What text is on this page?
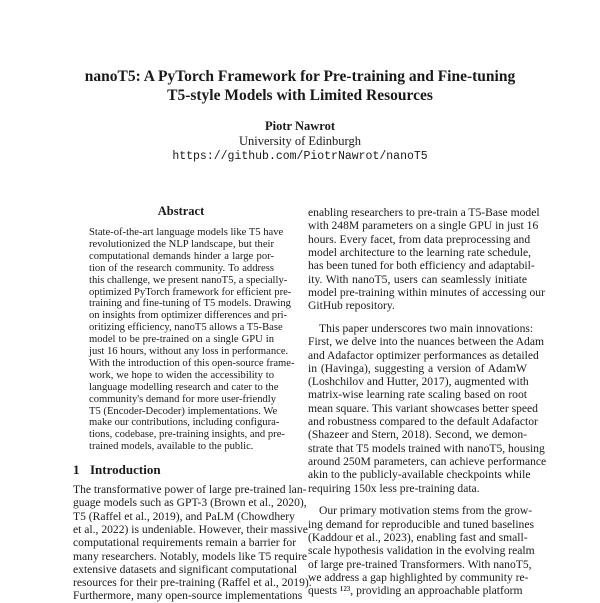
nanoT5: A PyTorch Framework for Pre-training and Fine-tuning
T5-style Models with Limited Resources
Piotr Nawrot
University of Edinburgh
https://github.com/PiotrNawrot/nanoT5
Abstract
State-of-the-art language models like T5 have
revolutionized the NLP landscape, but their
computational demands hinder a large por-
tion of the research community. To address
this challenge, we present nanoT5, a specially-
optimized PyTorch framework for efficient pre-
training and fine-tuning of T5 models. Drawing
on insights from optimizer differences and pri-
oritizing efficiency, nanoT5 allows a T5-Base
model to be pre-trained on a single GPU in
just 16 hours, without any loss in performance.
With the introduction of this open-source frame-
work, we hope to widen the accessibility to
language modelling research and cater to the
community's demand for more user-friendly
T5 (Encoder-Decoder) implementations. We
make our contributions, including configura-
tions, codebase, pre-training insights, and pre-
trained models, available to the public.
1 Introduction
The transformative power of large pre-trained lan-
guage models such as GPT-3 (Brown et al., 2020),
T5 (Raffel et al., 2019), and PaLM (Chowdhery
et al., 2022) is undeniable. However, their massive
computational requirements remain a barrier for
many researchers. Notably, models like T5 require
extensive datasets and significant computational
resources for their pre-training (Raffel et al., 2019).
Furthermore, many open-source implementations
enabling researchers to pre-train a T5-Base model
with 248M parameters on a single GPU in just 16
hours. Every facet, from data preprocessing and
model architecture to the learning rate schedule,
has been tuned for both efficiency and adaptabil-
ity. With nanoT5, users can seamlessly initiate
model pre-training within minutes of accessing our
GitHub repository.
This paper underscores two main innovations:
First, we delve into the nuances between the Adam
and Adafactor optimizer performances as detailed
in (Havinga), suggesting a version of AdamW
(Loshchilov and Hutter, 2017), augmented with
matrix-wise learning rate scaling based on root
mean square. This variant showcases better speed
and robustness compared to the default Adafactor
(Shazeer and Stern, 2018). Second, we demon-
strate that T5 models trained with nanoT5, housing
around 250M parameters, can achieve performance
akin to the publicly-available checkpoints while
requiring 150x less pre-training data.
Our primary motivation stems from the grow-
ing demand for reproducible and tuned baselines
(Kaddour et al., 2023), enabling fast and small-
scale hypothesis validation in the evolving realm
of large pre-trained Transformers. With nanoT5,
we address a gap highlighted by community re-
quests ¹²³, providing an approachable platform
